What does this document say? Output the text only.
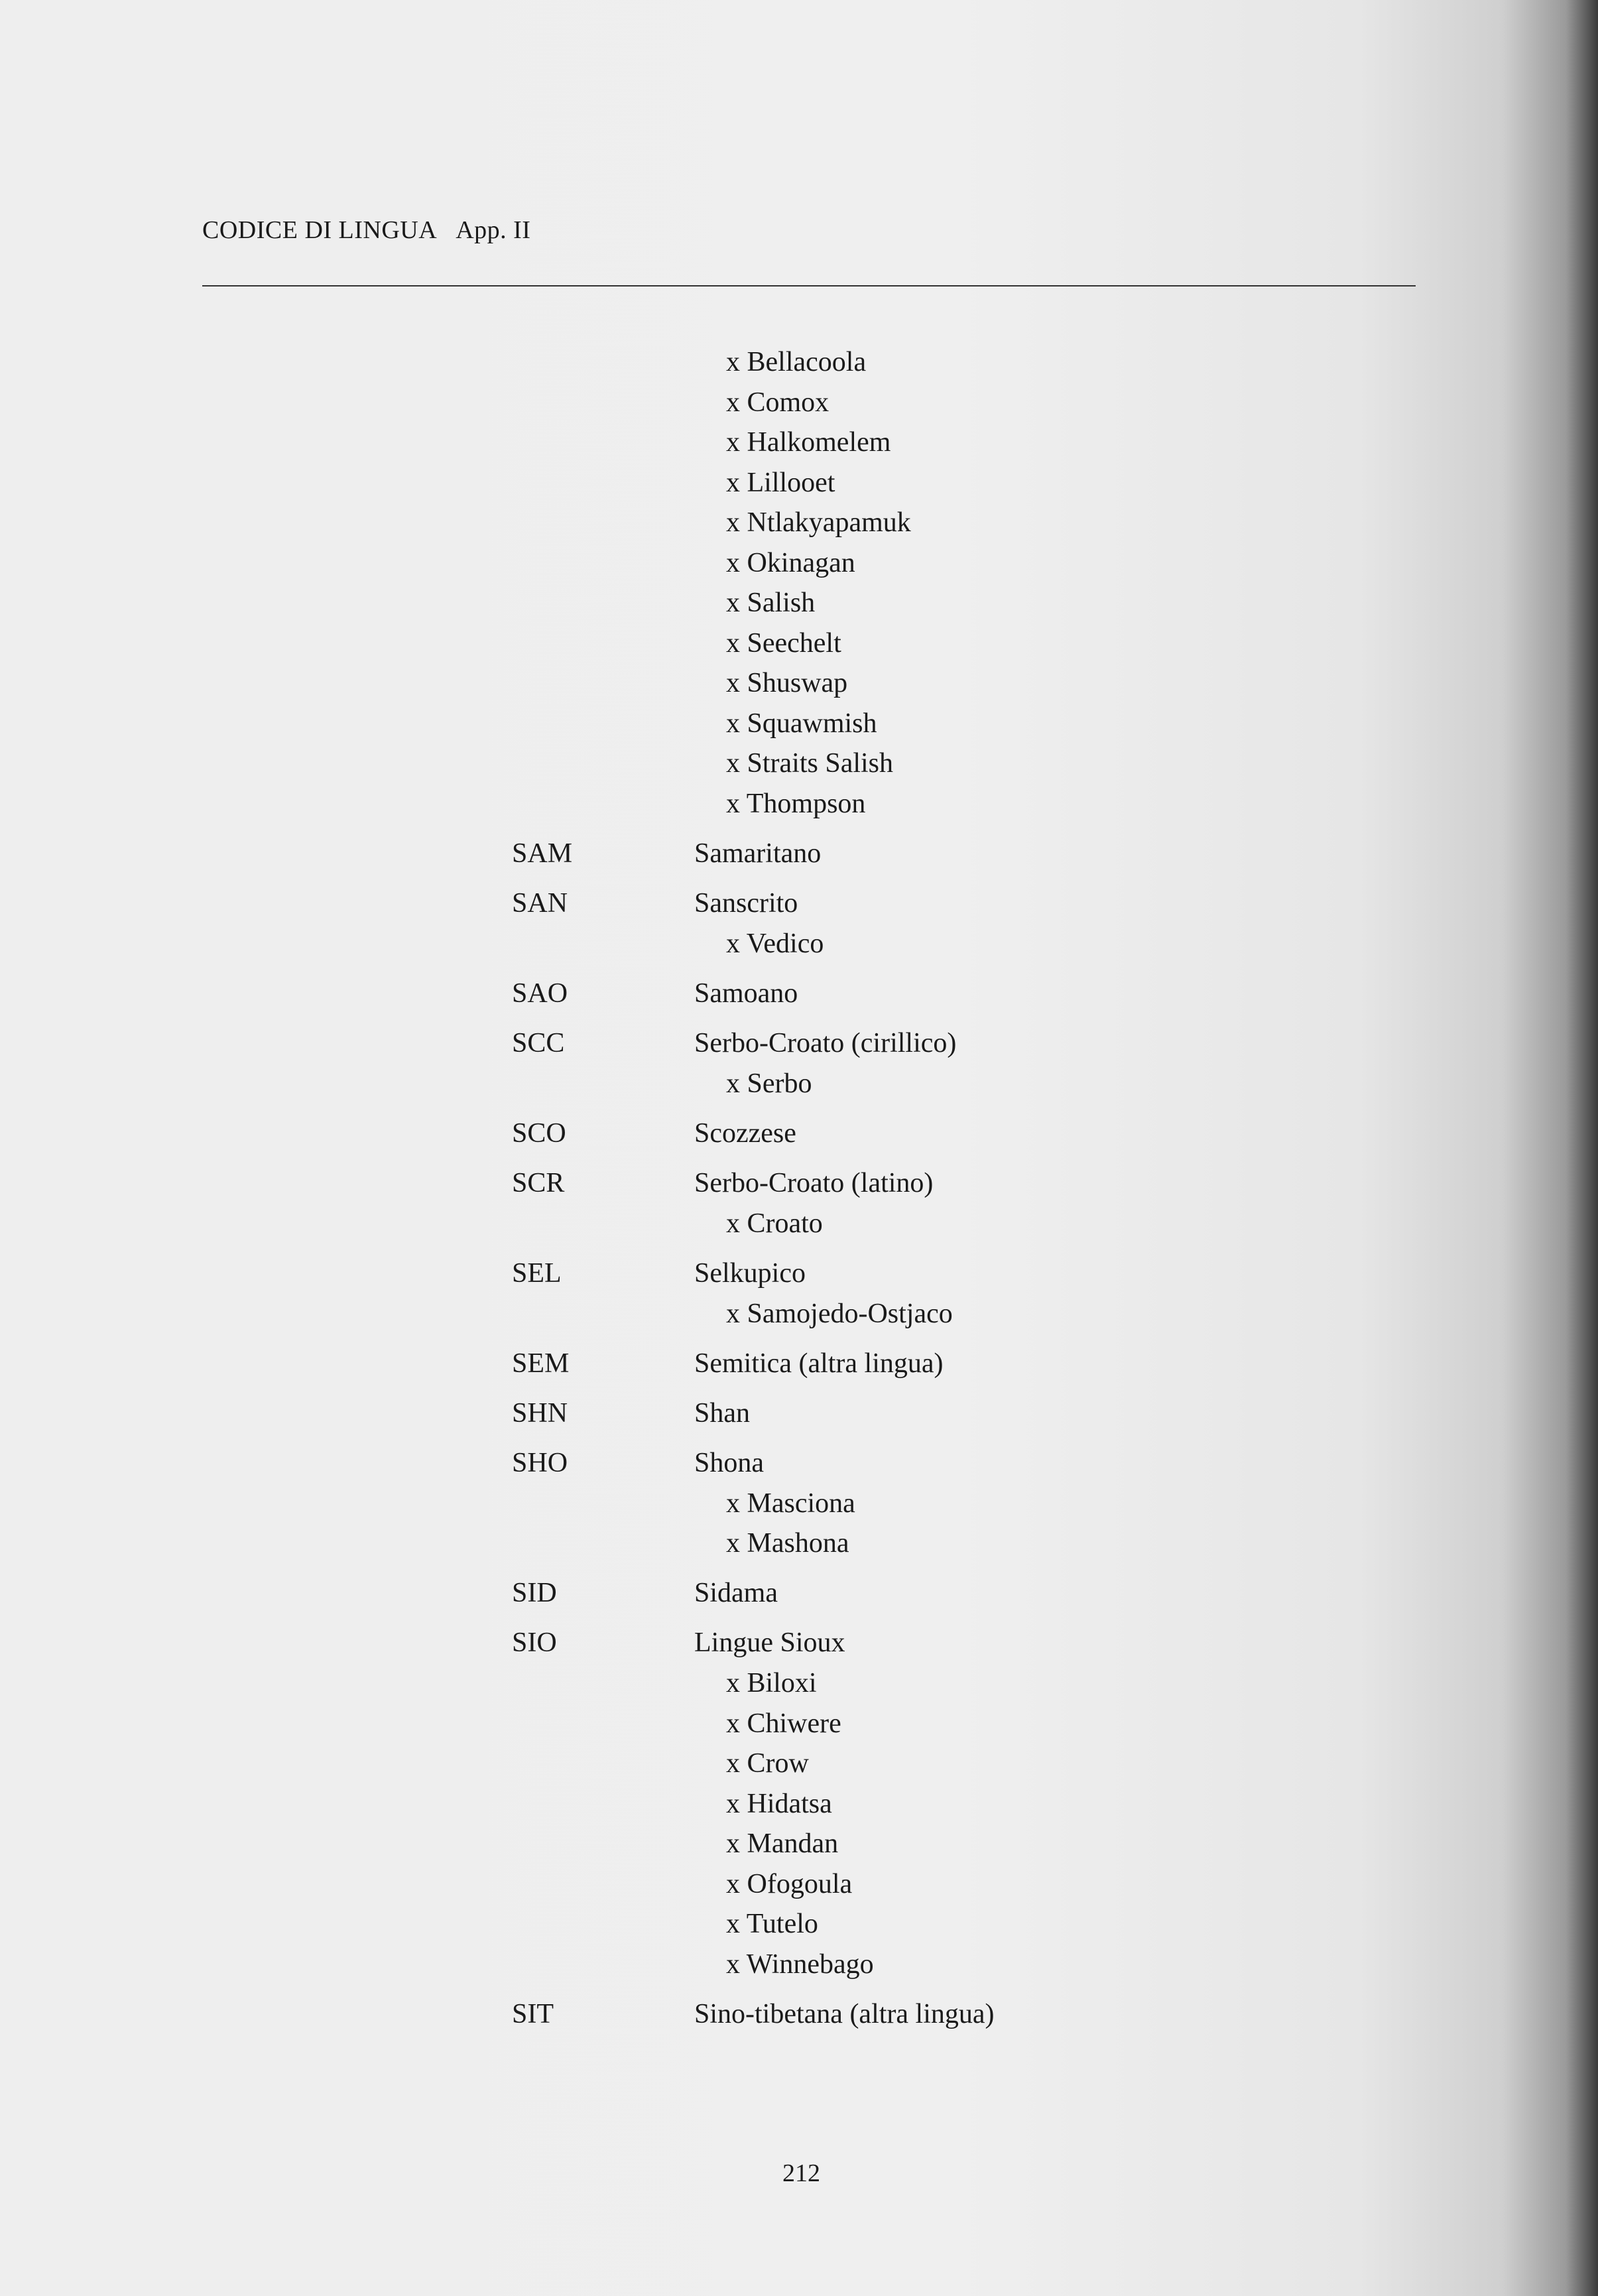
CODICE DI LINGUA App. II
x Bellacoola
x Comox
x Halkomelem
x Lillooet
x Ntlakyapamuk
x Okinagan
x Salish
x Seechelt
x Shuswap
x Squawmish
x Straits Salish
x Thompson
SAM	Samaritano
SAN	Sanscrito
x Vedico
SAO	Samoano
SCC	Serbo-Croato (cirillico)
x Serbo
SCO	Scozzese
SCR	Serbo-Croato (latino)
x Croato
SEL	Selkupico
x Samojedo-Ostjaco
SEM	Semitica (altra lingua)
SHN	Shan
SHO	Shona
x Masciona
x Mashona
SID	Sidama
SIO	Lingue Sioux
x Biloxi
x Chiwere
x Crow
x Hidatsa
x Mandan
x Ofogoula
x Tutelo
x Winnebago
SIT	Sino-tibetana (altra lingua)
212
